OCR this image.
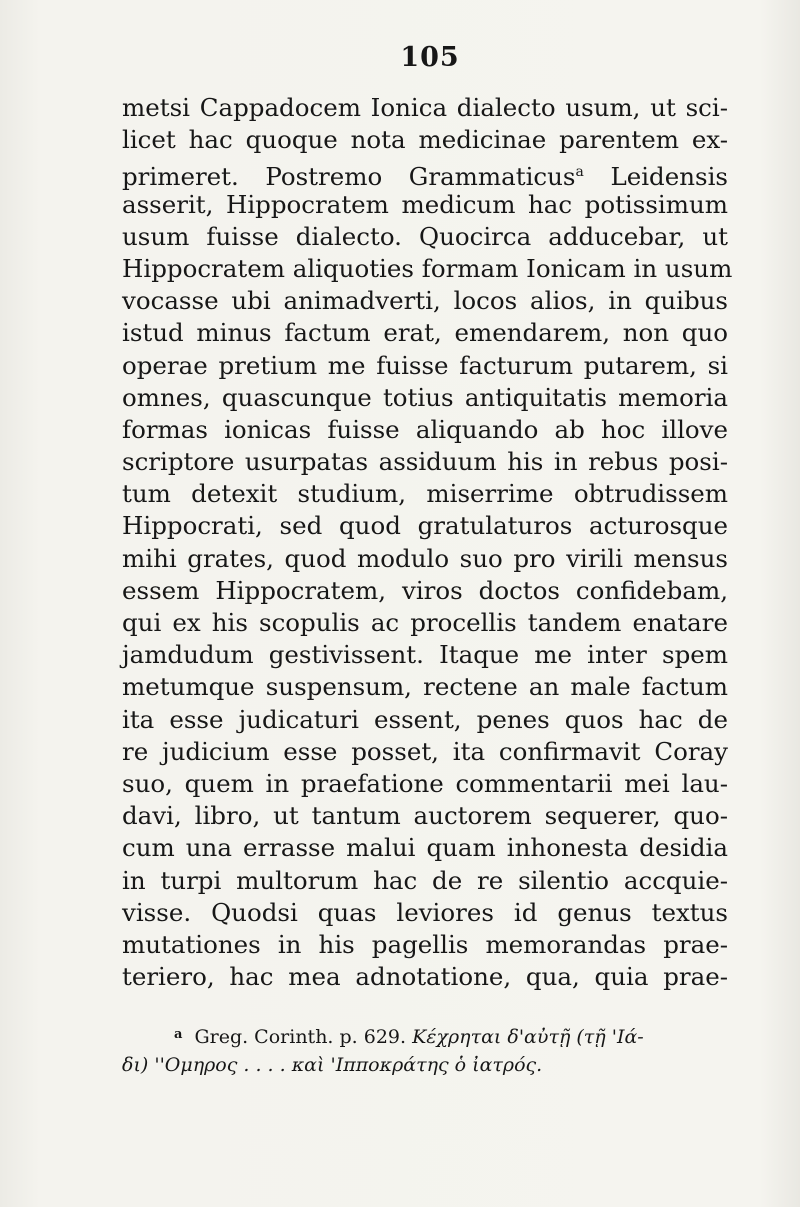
105
metsi Cappadocem Ionica dialecto usum, ut sci-
licet hac quoque nota medicinae parentem ex-
primeret. Postremo Grammaticus$^a$ Leidensis
asserit, Hippocratem medicum hac potissimum
usum fuisse dialecto. Quocirca adducebar, ut
Hippocratem aliquoties formam Ionicam in usum
vocasse ubi animadverti, locos alios, in quibus
istud minus factum erat, emendarem, non quo
operae pretium me fuisse facturum putarem, si
omnes, quascunque totius antiquitatis memoria
formas ionicas fuisse aliquando ab hoc illove
scriptore usurpatas assiduum his in rebus posi-
tum detexit studium, miserrime obtrudissem
Hippocrati, sed quod gratulaturos acturosque
mihi grates, quod modulo suo pro virili mensus
essem Hippocratem, viros doctos confidebam,
qui ex his scopulis ac procellis tandem enatare
jamdudum gestivissent. Itaque me inter spem
metumque suspensum, rectene an male factum
ita esse judicaturi essent, penes quos hac de
re judicium esse posset, ita confirmavit Coray
suo, quem in praefatione commentarii mei lau-
davi, libro, ut tantum auctorem sequerer, quo-
cum una errasse malui quam inhonesta desidia
in turpi multorum hac de re silentio accquie-
visse. Quodsi quas leviores id genus textus
mutationes in his pagellis memorandas prae-
teriero, hac mea adnotatione, qua, quia prae-
$^a$ Greg. Corinth. p. 629. Κέχρηται δ'αὐτῇ (τῇ 'Ιά-
δι) ''Ομηρος . . . . καὶ 'Ιπποκράτης ὁ ἰατρός.
